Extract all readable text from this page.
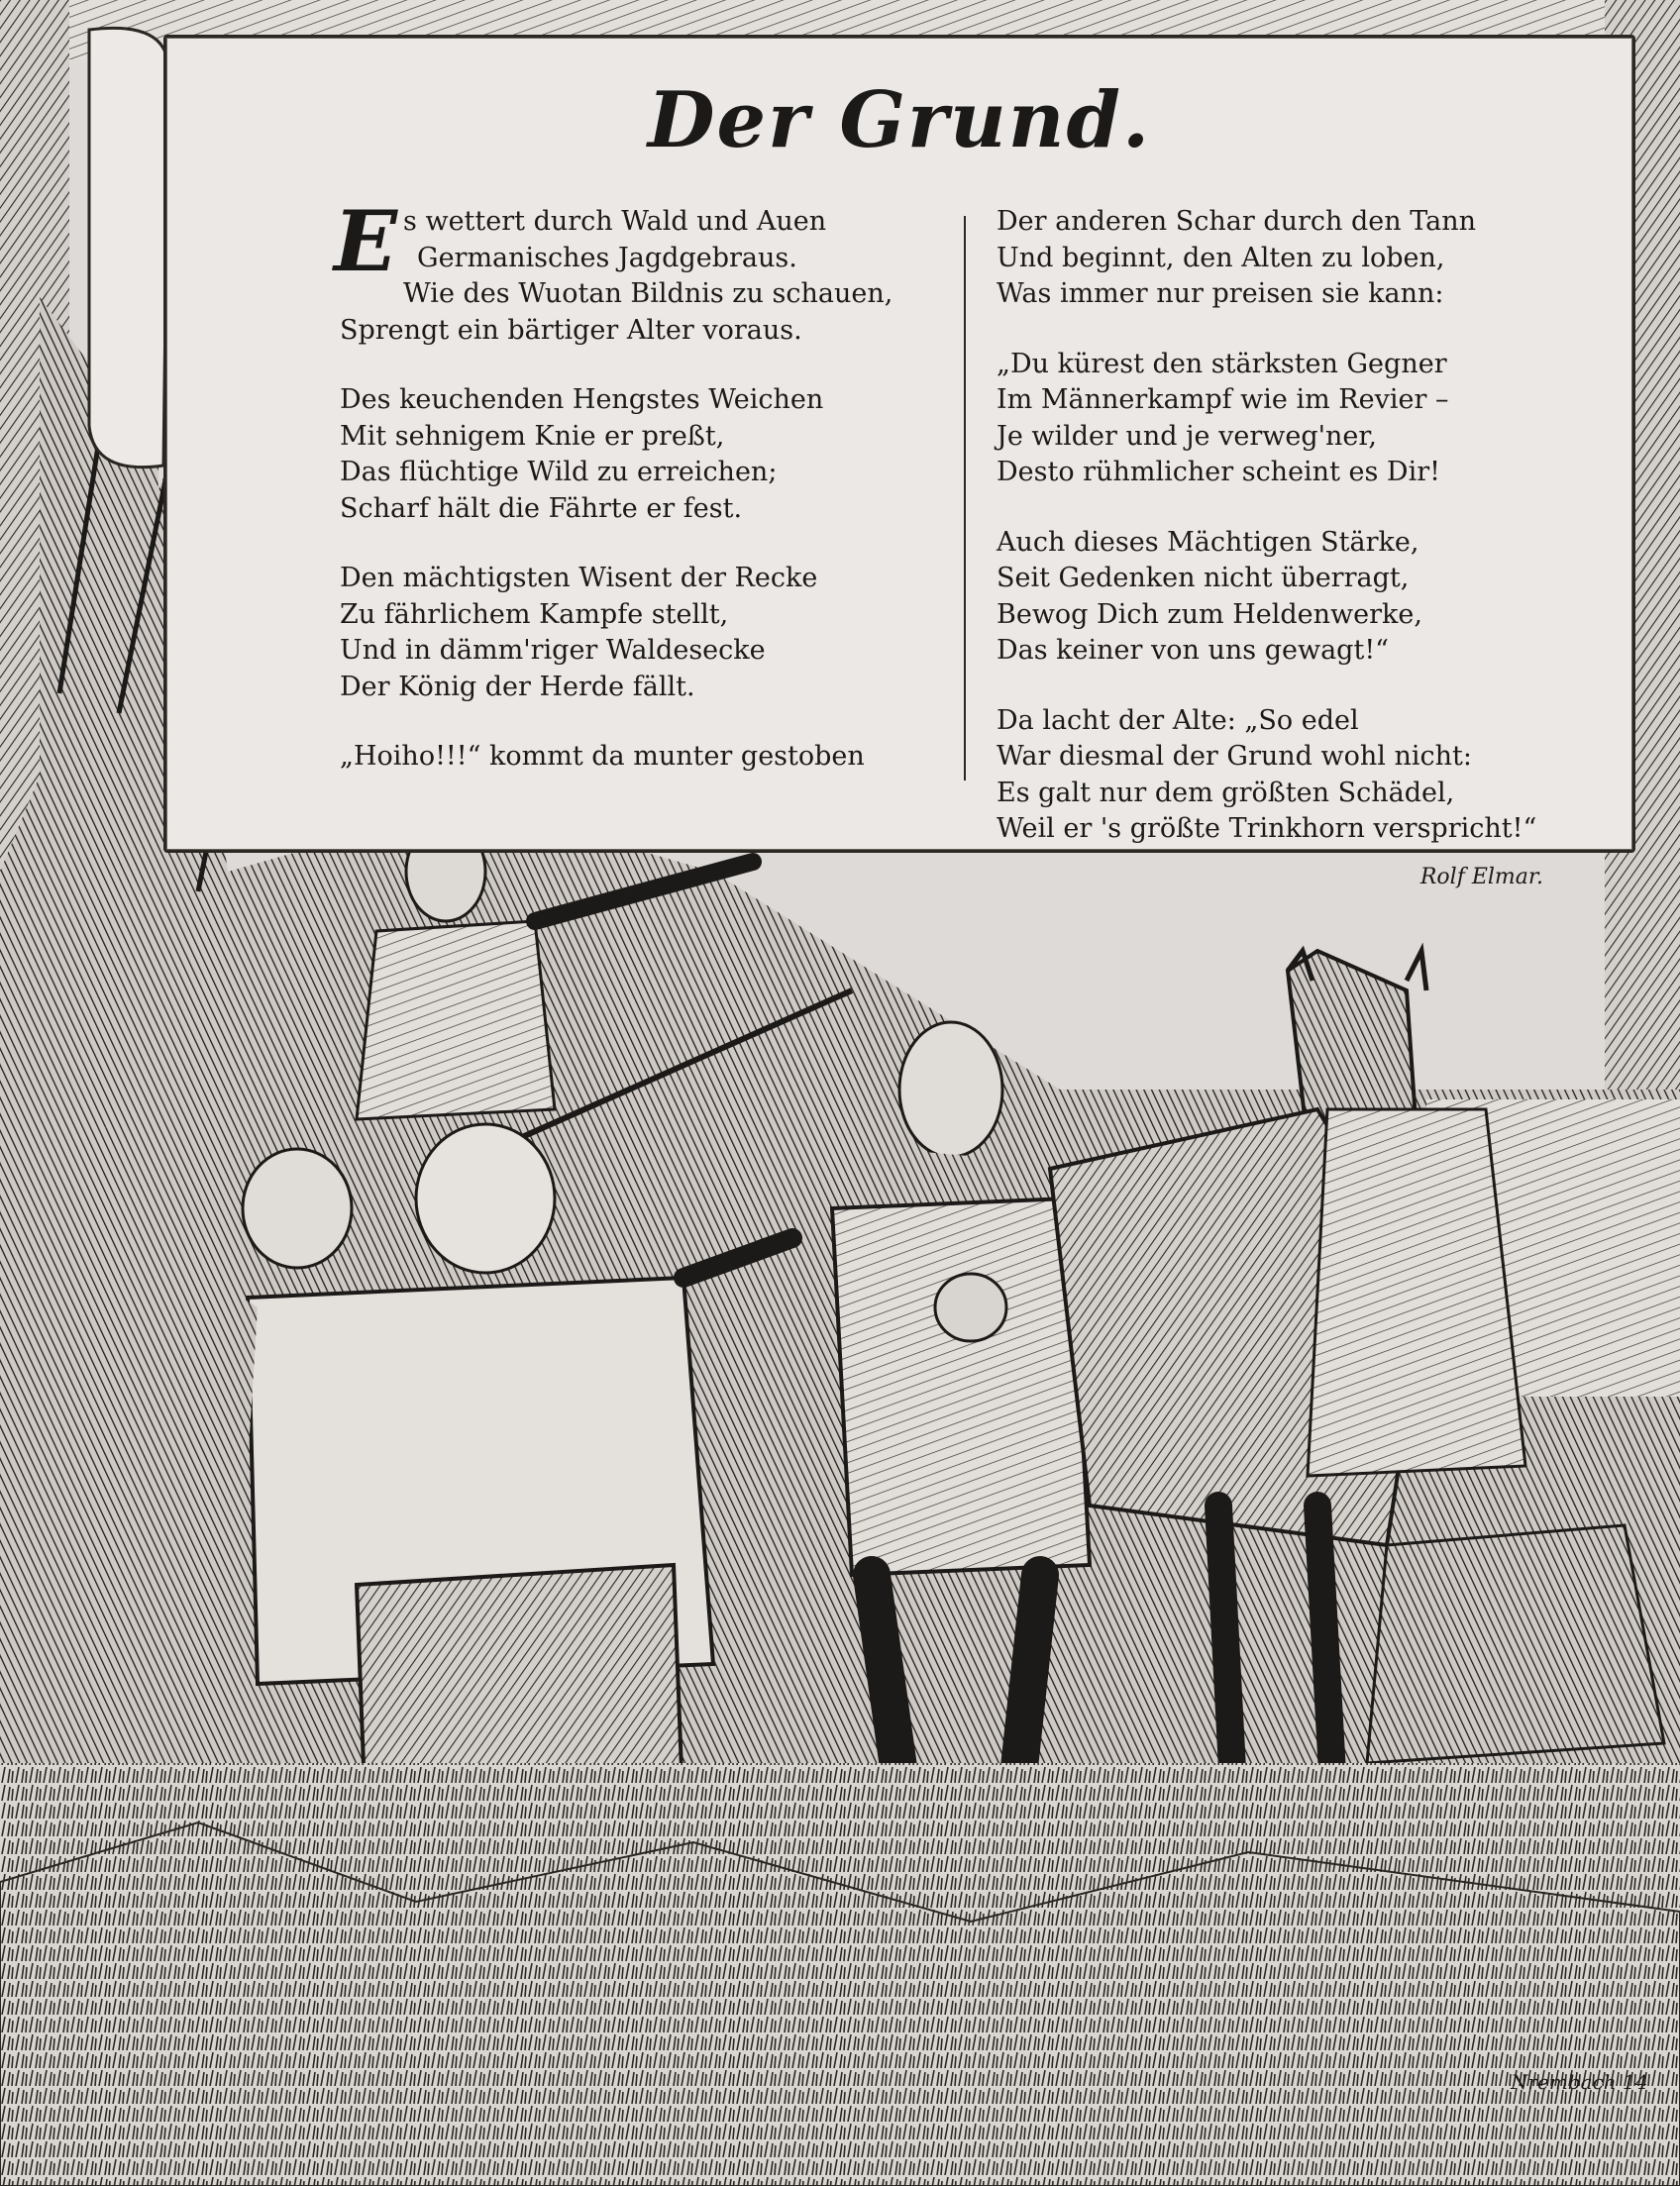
Nrembach 14
Der Grund.
Es wettert durch Wald und Auen
Germanisches Jagdgebraus.
Wie des Wuotan Bildnis zu schauen,
Sprengt ein bärtiger Alter voraus.
Des keuchenden Hengstes Weichen
Mit sehnigem Knie er preßt,
Das flüchtige Wild zu erreichen;
Scharf hält die Fährte er fest.
Den mächtigsten Wisent der Recke
Zu fährlichem Kampfe stellt,
Und in dämm'riger Waldesecke
Der König der Herde fällt.
„Hoiho!!!“ kommt da munter gestoben
Der anderen Schar durch den Tann
Und beginnt, den Alten zu loben,
Was immer nur preisen sie kann:
„Du kürest den stärksten Gegner
Im Männerkampf wie im Revier –
Je wilder und je verweg'ner,
Desto rühmlicher scheint es Dir!
Auch dieses Mächtigen Stärke,
Seit Gedenken nicht überragt,
Bewog Dich zum Heldenwerke,
Das keiner von uns gewagt!“
Da lacht der Alte: „So edel
War diesmal der Grund wohl nicht:
Es galt nur dem größten Schädel,
Weil er 's größte Trinkhorn verspricht!“
Rolf Elmar.
